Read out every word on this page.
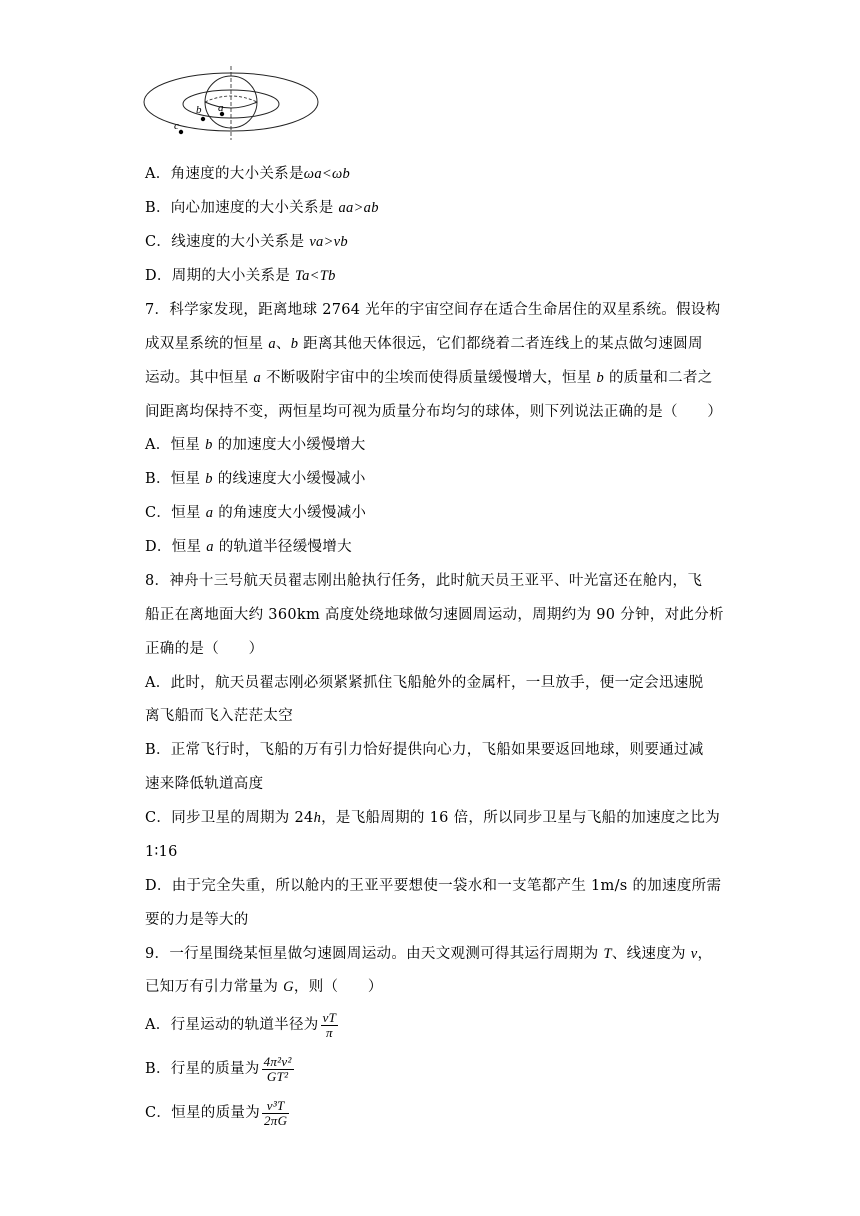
a
b
c
A．角速度的大小关系是ωa<ωb
B．向心加速度的大小关系是 aa>ab
C．线速度的大小关系是 va>vb
D．周期的大小关系是 Ta<Tb
7．科学家发现，距离地球 2764 光年的宇宙空间存在适合生命居住的双星系统。假设构
成双星系统的恒星 a、b 距离其他天体很远，它们都绕着二者连线上的某点做匀速圆周
运动。其中恒星 a 不断吸附宇宙中的尘埃而使得质量缓慢增大，恒星 b 的质量和二者之
间距离均保持不变，两恒星均可视为质量分布均匀的球体，则下列说法正确的是（　　）
A．恒星 b 的加速度大小缓慢增大
B．恒星 b 的线速度大小缓慢减小
C．恒星 a 的角速度大小缓慢减小
D．恒星 a 的轨道半径缓慢增大
8．神舟十三号航天员翟志刚出舱执行任务，此时航天员王亚平、叶光富还在舱内，飞
船正在离地面大约 360km 高度处绕地球做匀速圆周运动，周期约为 90 分钟，对此分析
正确的是（　　）
A．此时，航天员翟志刚必须紧紧抓住飞船舱外的金属杆，一旦放手，便一定会迅速脱
离飞船而飞入茫茫太空
B．正常飞行时，飞船的万有引力恰好提供向心力，飞船如果要返回地球，则要通过减
速来降低轨道高度
C．同步卫星的周期为 24h，是飞船周期的 16 倍，所以同步卫星与飞船的加速度之比为
1∶16
D．由于完全失重，所以舱内的王亚平要想使一袋水和一支笔都产生 1m/s 的加速度所需
要的力是等大的
9．一行星围绕某恒星做匀速圆周运动。由天文观测可得其运行周期为 T、线速度为 v，
已知万有引力常量为 G，则（　　）
A．行星运动的轨道半径为 $\frac{vT}{\pi}$
B．行星的质量为 $\frac{\text{4π²v²}}{\text{GT²}}$
C．恒星的质量为 $\frac{\text{v³T}}{2\pi G}$
